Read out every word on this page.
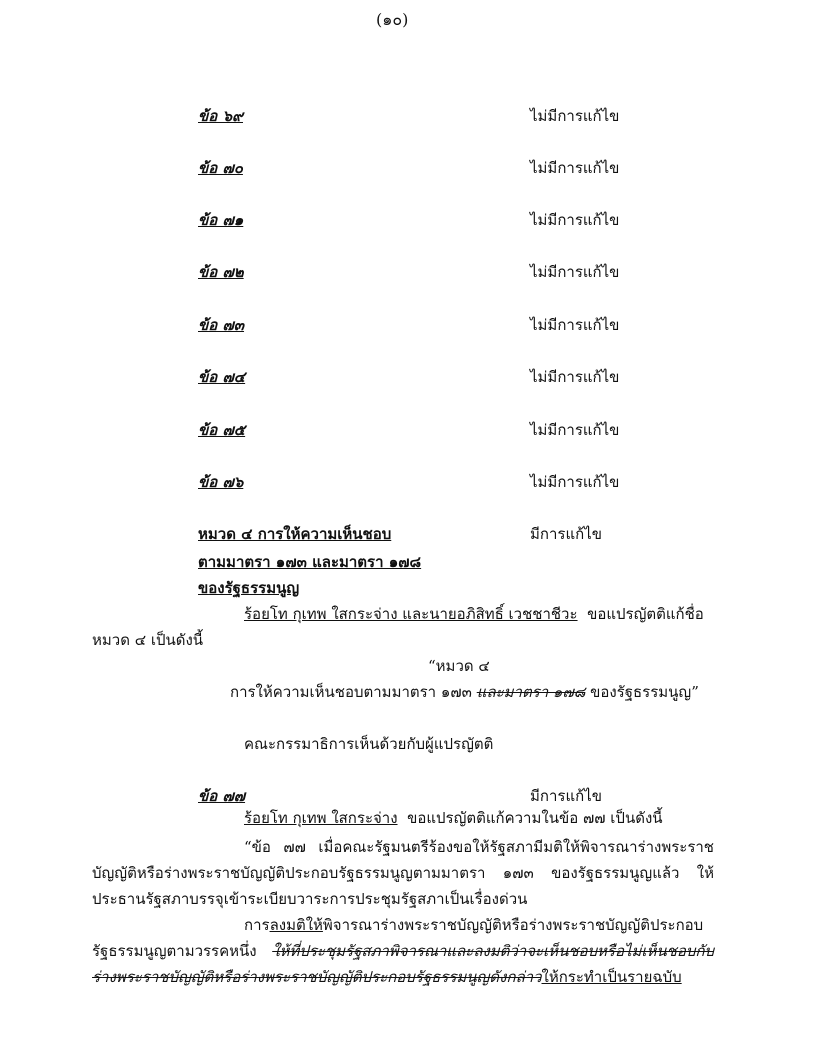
(๑๐)
ข้อ ๖๙	ไม่มีการแก้ไข
ข้อ ๗๐	ไม่มีการแก้ไข
ข้อ ๗๑	ไม่มีการแก้ไข
ข้อ ๗๒	ไม่มีการแก้ไข
ข้อ ๗๓	ไม่มีการแก้ไข
ข้อ ๗๔	ไม่มีการแก้ไข
ข้อ ๗๕	ไม่มีการแก้ไข
ข้อ ๗๖	ไม่มีการแก้ไข
หมวด ๔ การให้ความเห็นชอบ	มีการแก้ไข
ตามมาตรา ๑๗๓ และมาตรา ๑๗๘
ของรัฐธรรมนูญ
ร้อยโท กุเทพ ใสกระจ่าง และนายอภิสิทธิ์ เวชชาชีวะ ขอแปรญัตติแก้ชื่อ
หมวด ๔ เป็นดังนี้
“หมวด ๔
การให้ความเห็นชอบตามมาตรา ๑๗๓ และมาตรา ๑๗๘ ของรัฐธรรมนูญ”
คณะกรรมาธิการเห็นด้วยกับผู้แปรญัตติ
ข้อ ๗๗	มีการแก้ไข
ร้อยโท กุเทพ ใสกระจ่าง ขอแปรญัตติแก้ความในข้อ ๗๗ เป็นดังนี้
“ข้อ ๗๗ เมื่อคณะรัฐมนตรีร้องขอให้รัฐสภามีมติให้พิจารณาร่างพระราชบัญญัติหรือร่างพระราชบัญญัติประกอบรัฐธรรมนูญตามมาตรา ๑๗๓ ของรัฐธรรมนูญแล้ว ให้ประธานรัฐสภาบรรจุเข้าระเบียบวาระการประชุมรัฐสภาเป็นเรื่องด่วน
การลงมติให้พิจารณาร่างพระราชบัญญัติหรือร่างพระราชบัญญัติประกอบรัฐธรรมนูญตามวรรคหนึ่ง ให้ที่ประชุมรัฐสภาพิจารณาและลงมติว่าจะเห็นชอบหรือไม่เห็นชอบกับร่างพระราชบัญญัติหรือร่างพระราชบัญญัติประกอบรัฐธรรมนูญดังกล่าวให้กระทำเป็นรายฉบับ
